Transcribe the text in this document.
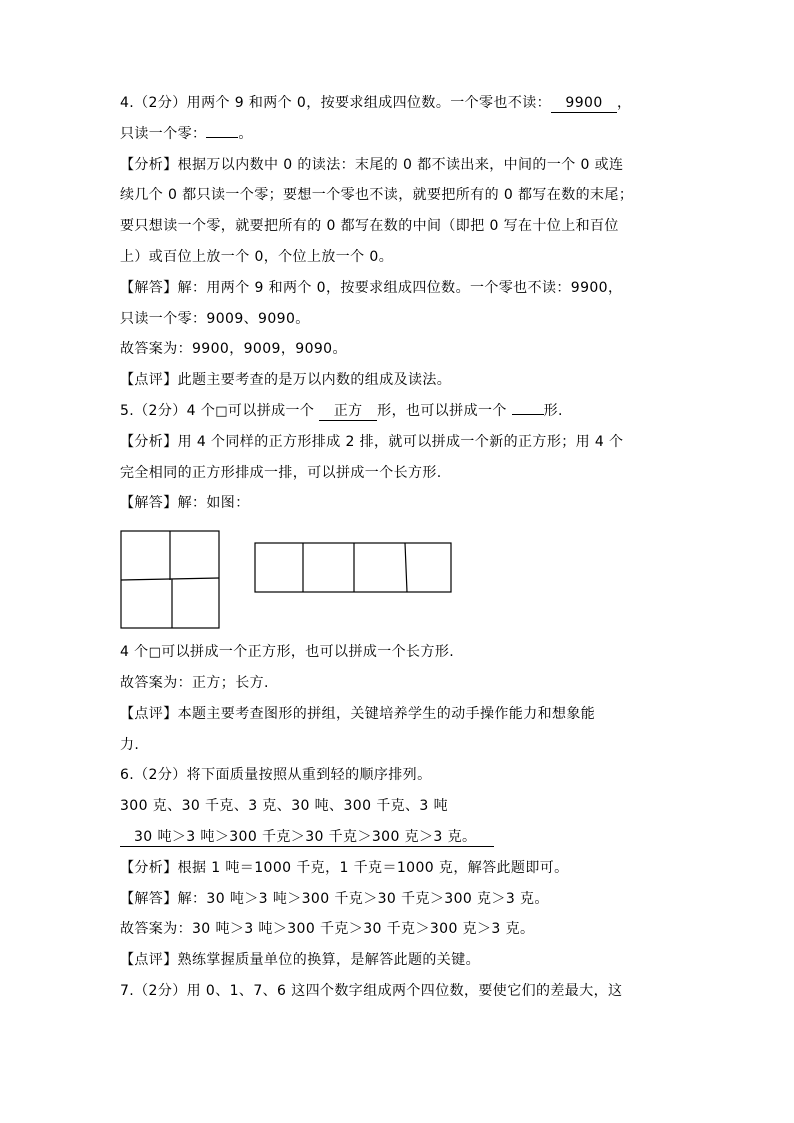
4.（2分）用两个 9 和两个 0，按要求组成四位数。一个零也不读： 9900 ，
只读一个零： 。
【分析】根据万以内数中 0 的读法：末尾的 0 都不读出来，中间的一个 0 或连
续几个 0 都只读一个零；要想一个零也不读，就要把所有的 0 都写在数的末尾；
要只想读一个零，就要把所有的 0 都写在数的中间（即把 0 写在十位上和百位
上）或百位上放一个 0，个位上放一个 0。
【解答】解：用两个 9 和两个 0，按要求组成四位数。一个零也不读：9900，
只读一个零：9009、9090。
故答案为：9900，9009，9090。
【点评】此题主要考查的是万以内数的组成及读法。
5.（2分）4 个□可以拼成一个 正方 形，也可以拼成一个 形.
【分析】用 4 个同样的正方形排成 2 排，就可以拼成一个新的正方形；用 4 个
完全相同的正方形排成一排，可以拼成一个长方形.
【解答】解：如图：
4 个□可以拼成一个正方形，也可以拼成一个长方形.
故答案为：正方；长方.
【点评】本题主要考查图形的拼组，关键培养学生的动手操作能力和想象能
力.
6.（2分）将下面质量按照从重到轻的顺序排列。
300 克、30 千克、3 克、30 吨、300 千克、3 吨
30 吨＞3 吨＞300 千克＞30 千克＞300 克＞3 克。
【分析】根据 1 吨＝1000 千克，1 千克＝1000 克，解答此题即可。
【解答】解：30 吨＞3 吨＞300 千克＞30 千克＞300 克＞3 克。
故答案为：30 吨＞3 吨＞300 千克＞30 千克＞300 克＞3 克。
【点评】熟练掌握质量单位的换算，是解答此题的关键。
7.（2分）用 0、1、7、6 这四个数字组成两个四位数，要使它们的差最大，这
